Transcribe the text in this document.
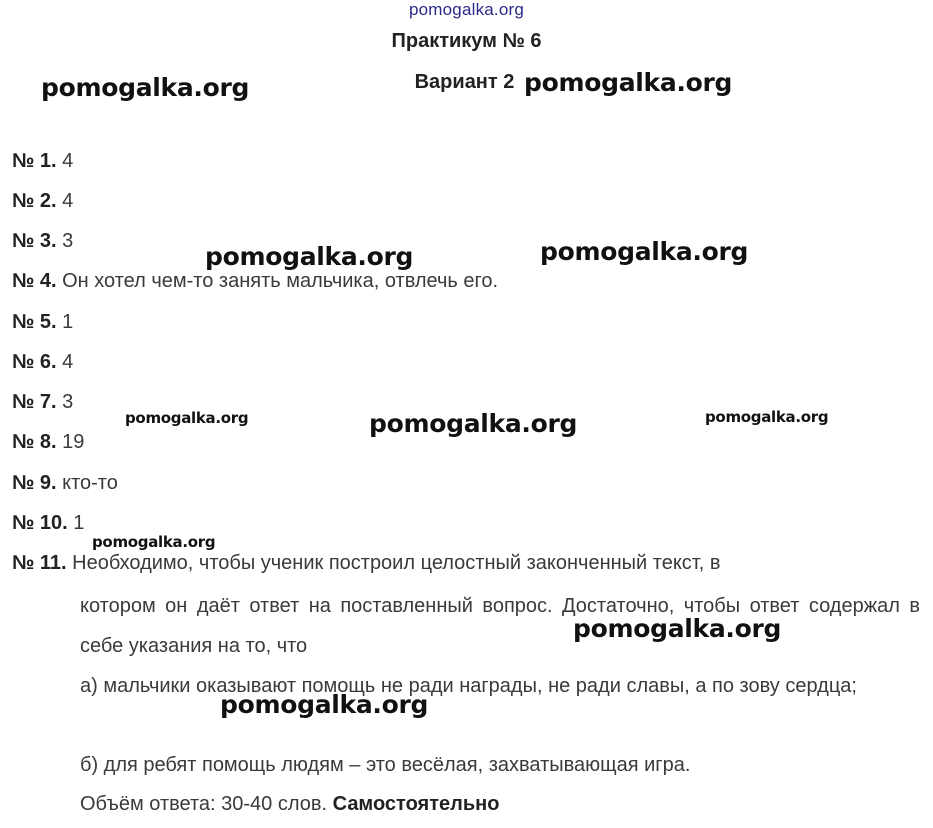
pomogalka.org
Практикум № 6
Вариант 2
№ 1. 4
№ 2. 4
№ 3. 3
№ 4. Он хотел чем-то занять мальчика, отвлечь его.
№ 5. 1
№ 6. 4
№ 7. 3
№ 8. 19
№ 9. кто-то
№ 10. 1
№ 11. Необходимо, чтобы ученик построил целостный законченный текст, в
котором он даёт ответ на поставленный вопрос. Достаточно, чтобы ответ содержал в себе указания на то, что
а) мальчики оказывают помощь не ради награды, не ради славы, а по зову сердца;
б) для ребят помощь людям – это весёлая, захватывающая игра.
Объём ответа: 30-40 слов. Самостоятельно
pomogalka.org	pomogalka.org
pomogalka.org	pomogalka.org
pomogalka.org	pomogalka.org	pomogalka.org
pomogalka.org
pomogalka.org
pomogalka.org
